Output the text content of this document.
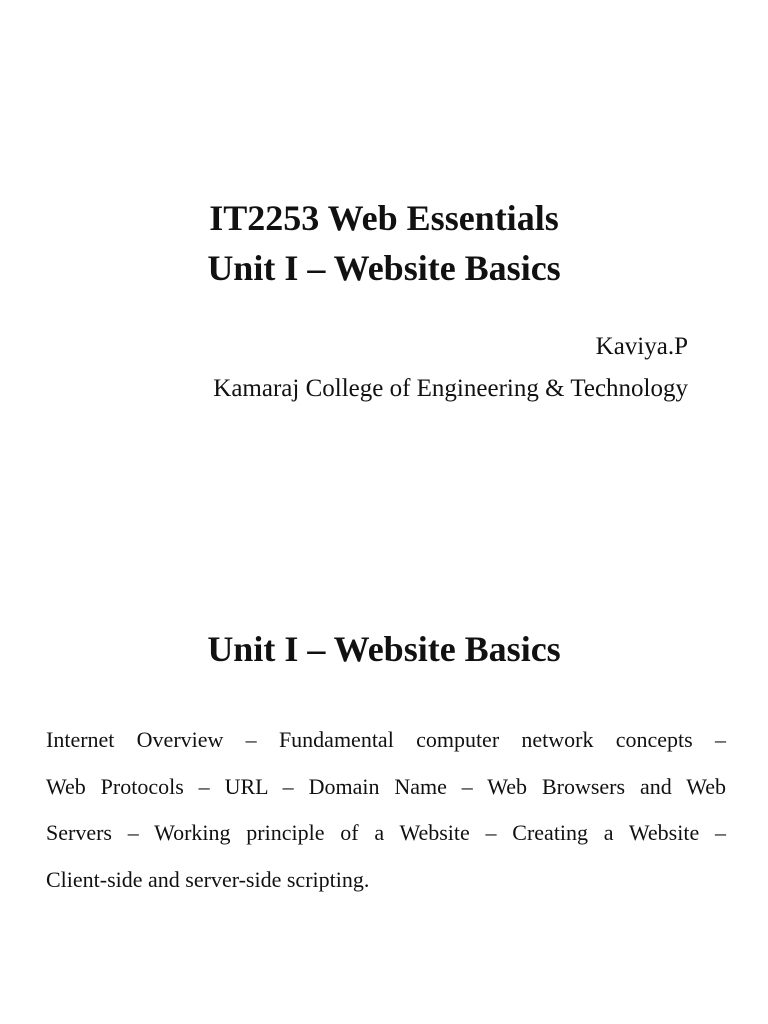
IT2253 Web Essentials
Unit I – Website Basics
Kaviya.P
Kamaraj College of Engineering & Technology
Unit I – Website Basics
Internet Overview – Fundamental computer network concepts –
Web Protocols – URL – Domain Name – Web Browsers and Web
Servers – Working principle of a Website – Creating a Website –
Client-side and server-side scripting.
